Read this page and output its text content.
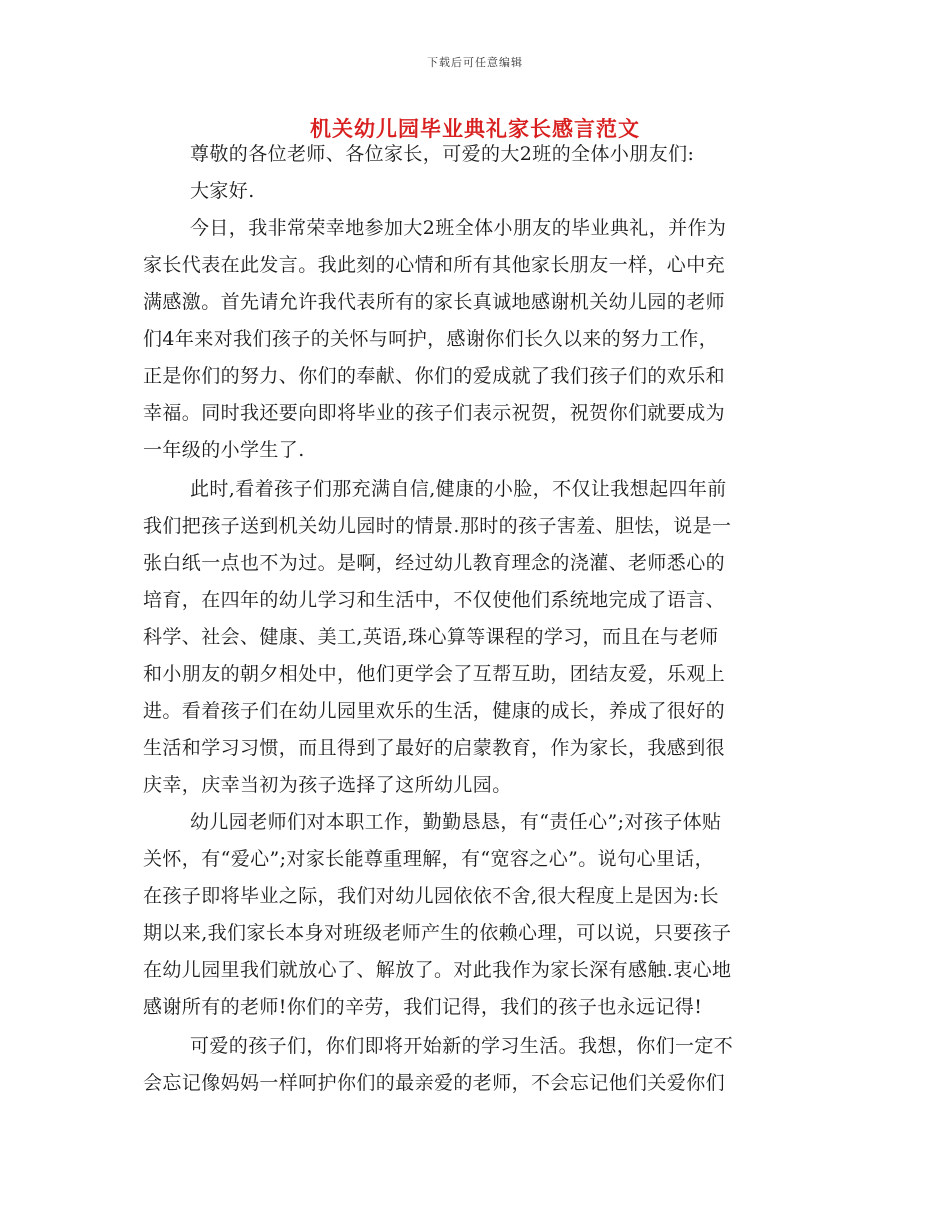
下载后可任意编辑
机关幼儿园毕业典礼家长感言范文
尊敬的各位老师、各位家长，可爱的大2班的全体小朋友们:
大家好.
今日，我非常荣幸地参加大2班全体小朋友的毕业典礼，并作为
家长代表在此发言。我此刻的心情和所有其他家长朋友一样，心中充
满感激。首先请允许我代表所有的家长真诚地感谢机关幼儿园的老师
们4年来对我们孩子的关怀与呵护，感谢你们长久以来的努力工作，
正是你们的努力、你们的奉献、你们的爱成就了我们孩子们的欢乐和
幸福。同时我还要向即将毕业的孩子们表示祝贺，祝贺你们就要成为
一年级的小学生了.
此时,看着孩子们那充满自信,健康的小脸，不仅让我想起四年前
我们把孩子送到机关幼儿园时的情景.那时的孩子害羞、胆怯，说是一
张白纸一点也不为过。是啊，经过幼儿教育理念的浇灌、老师悉心的
培育，在四年的幼儿学习和生活中，不仅使他们系统地完成了语言、
科学、社会、健康、美工,英语,珠心算等课程的学习，而且在与老师
和小朋友的朝夕相处中，他们更学会了互帮互助，团结友爱，乐观上
进。看着孩子们在幼儿园里欢乐的生活，健康的成长，养成了很好的
生活和学习习惯，而且得到了最好的启蒙教育，作为家长，我感到很
庆幸，庆幸当初为孩子选择了这所幼儿园。
幼儿园老师们对本职工作，勤勤恳恳，有“责任心”;对孩子体贴
关怀，有“爱心”;对家长能尊重理解，有“宽容之心”。说句心里话，
在孩子即将毕业之际，我们对幼儿园依依不舍,很大程度上是因为:长
期以来,我们家长本身对班级老师产生的依赖心理，可以说，只要孩子
在幼儿园里我们就放心了、解放了。对此我作为家长深有感触.衷心地
感谢所有的老师!你们的辛劳，我们记得，我们的孩子也永远记得!
可爱的孩子们，你们即将开始新的学习生活。我想，你们一定不
会忘记像妈妈一样呵护你们的最亲爱的老师，不会忘记他们关爱你们
